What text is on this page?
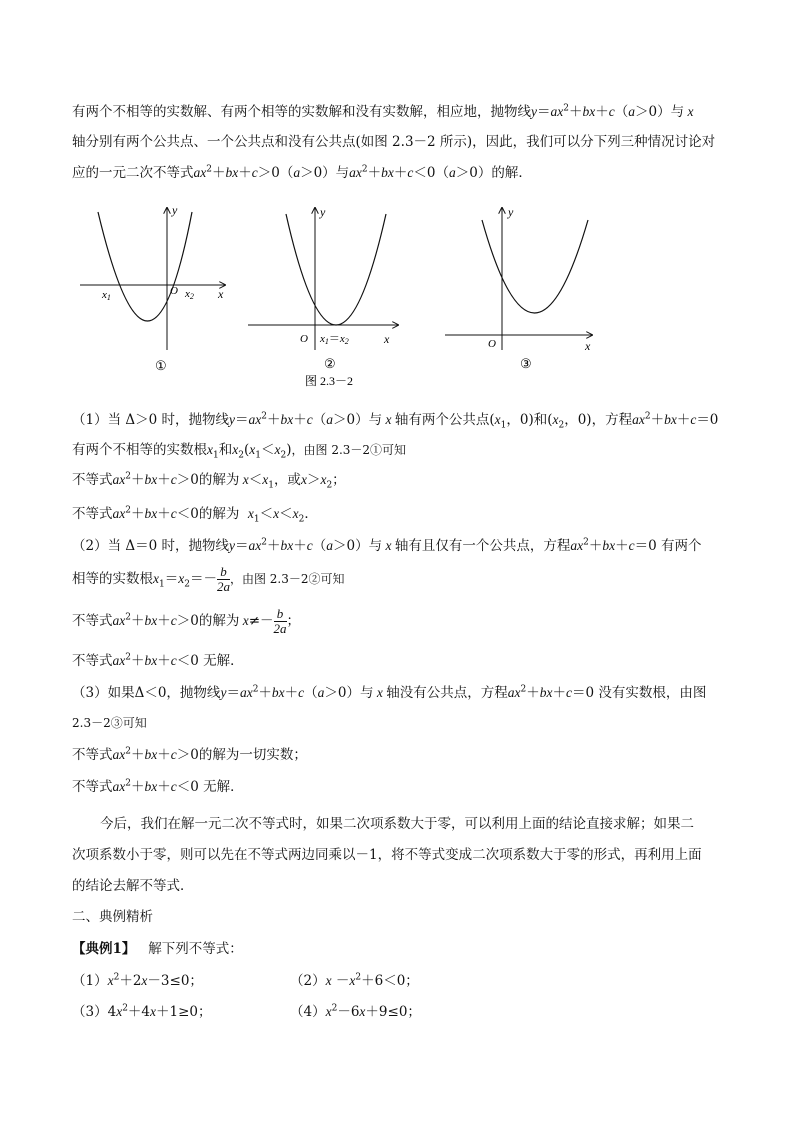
有两个不相等的实数解、有两个相等的实数解和没有实数解，相应地，抛物线$y=ax^2+bx+c(a>0)$与 x
轴分别有两个公共点、一个公共点和没有公共点(如图 2.3－2 所示)，因此，我们可以分下列三种情况讨论对
应的一元二次不等式$ax^2+bx+c>0(a>0)$与$ax^2+bx+c<0(a>0)$的解．
y
x
O
x1	x2
①
y
x
O x1＝x2
②
图 2.3－2
y
x
O
③
（1）当 Δ＞0 时，抛物线$y=ax^2+bx+c(a>0)$与 x 轴有两个公共点($x_1$，0)和($x_2$，0)，方程$ax^2+bx+c=0$
有两个不相等的实数根$x_1$和$x_2(x_1<x_2)$，由图 2.3－2①可知
不等式$ax^2+bx+c>0$的解为 $x<x_1$，或$x>x_2$；
不等式$ax^2+bx+c<0$的解为 $x_1<x<x_2$．
（2）当 Δ＝0 时，抛物线$y=ax^2+bx+c(a>0)$与 x 轴有且仅有一个公共点，方程$ax^2+bx+c=0$ 有两个
相等的实数根$x_1=x_2=- \frac{b}{2a}$ ，由图 2.3－2②可知
不等式$ax^2+bx+c>0$的解为 $x\ne- \frac{b}{2a}$ ；
不等式$ax^2+bx+c<0$ 无解．
（3）如果Δ＜0，抛物线$y=ax^2+bx+c(a>0)$与 x 轴没有公共点，方程$ax^2+bx+c=0$ 没有实数根，由图
2.3－2③可知
不等式$ax^2+bx+c>0$的解为一切实数；
不等式$ax^2+bx+c<0$ 无解．
今后，我们在解一元二次不等式时，如果二次项系数大于零，可以利用上面的结论直接求解；如果二
次项系数小于零，则可以先在不等式两边同乘以－1，将不等式变成二次项系数大于零的形式，再利用上面
的结论去解不等式．
二、典例精析
【典例1】 解下列不等式：
$(1)x^2+2x-3\le 0$；	$(2)x -x^2+6<0$；
$(3)4x^2+4x+1\ge 0$；	$(4)x^2-6x+9\le 0$；
